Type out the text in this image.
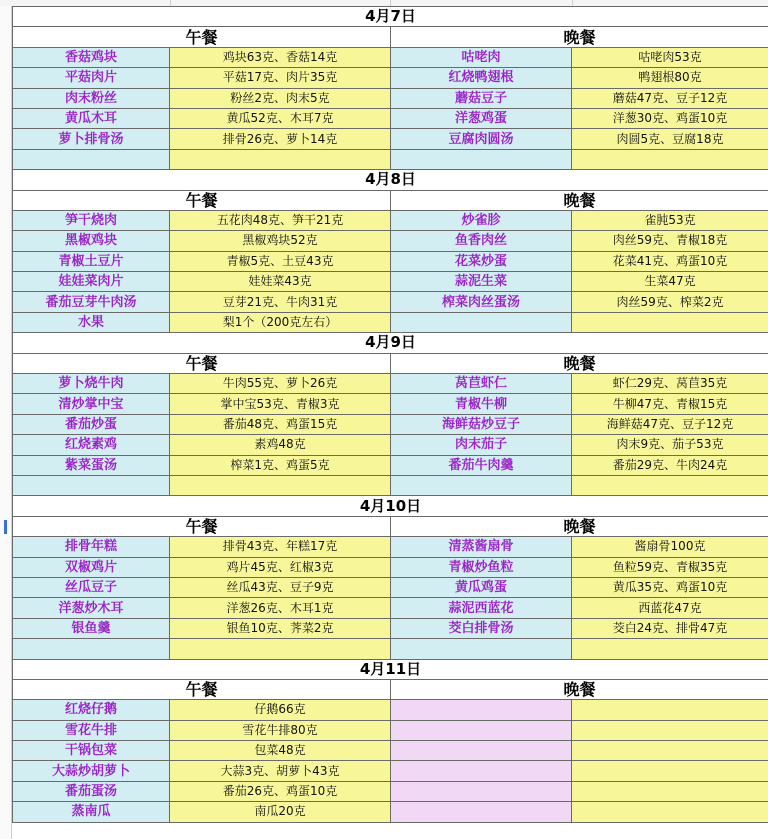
4月7日			
午餐		晚餐	
香菇鸡块	鸡块63克、香菇14克	咕咾肉	咕咾肉53克
平菇肉片	平菇17克、肉片35克	红烧鸭翅根	鸭翅根80克
肉末粉丝	粉丝2克、肉末5克	蘑菇豆子	蘑菇47克、豆子12克
黄瓜木耳	黄瓜52克、木耳7克	洋葱鸡蛋	洋葱30克、鸡蛋10克
萝卜排骨汤	排骨26克、萝卜14克	豆腐肉圆汤	肉圆5克、豆腐18克

4月8日			
午餐		晚餐	
笋干烧肉	五花肉48克、笋干21克	炒雀胗	雀肫53克
黑椒鸡块	黑椒鸡块52克	鱼香肉丝	肉丝59克、青椒18克
青椒土豆片	青椒5克、土豆43克	花菜炒蛋	花菜41克、鸡蛋10克
娃娃菜肉片	娃娃菜43克	蒜泥生菜	生菜47克
番茄豆芽牛肉汤	豆芽21克、牛肉31克	榨菜肉丝蛋汤	肉丝59克、榨菜2克
水果	梨1个（200克左右）		
4月9日			
午餐		晚餐	
萝卜烧牛肉	牛肉55克、萝卜26克	莴苣虾仁	虾仁29克、莴苣35克
清炒掌中宝	掌中宝53克、青椒3克	青椒牛柳	牛柳47克、青椒15克
番茄炒蛋	番茄48克、鸡蛋15克	海鲜菇炒豆子	海鲜菇47克、豆子12克
红烧素鸡	素鸡48克	肉末茄子	肉末9克、茄子53克
紫菜蛋汤	榨菜1克、鸡蛋5克	番茄牛肉羹	番茄29克、牛肉24克

4月10日			
午餐		晚餐	
排骨年糕	排骨43克、年糕17克	清蒸酱扇骨	酱扇骨100克
双椒鸡片	鸡片45克、红椒3克	青椒炒鱼粒	鱼粒59克、青椒35克
丝瓜豆子	丝瓜43克、豆子9克	黄瓜鸡蛋	黄瓜35克、鸡蛋10克
洋葱炒木耳	洋葱26克、木耳1克	蒜泥西蓝花	西蓝花47克
银鱼羹	银鱼10克、荠菜2克	茭白排骨汤	茭白24克、排骨47克

4月11日			
午餐		晚餐	
红烧仔鹅	仔鹅66克		
雪花牛排	雪花牛排80克		
干锅包菜	包菜48克		
大蒜炒胡萝卜	大蒜3克、胡萝卜43克		
番茄蛋汤	番茄26克、鸡蛋10克		
蒸南瓜	南瓜20克		
